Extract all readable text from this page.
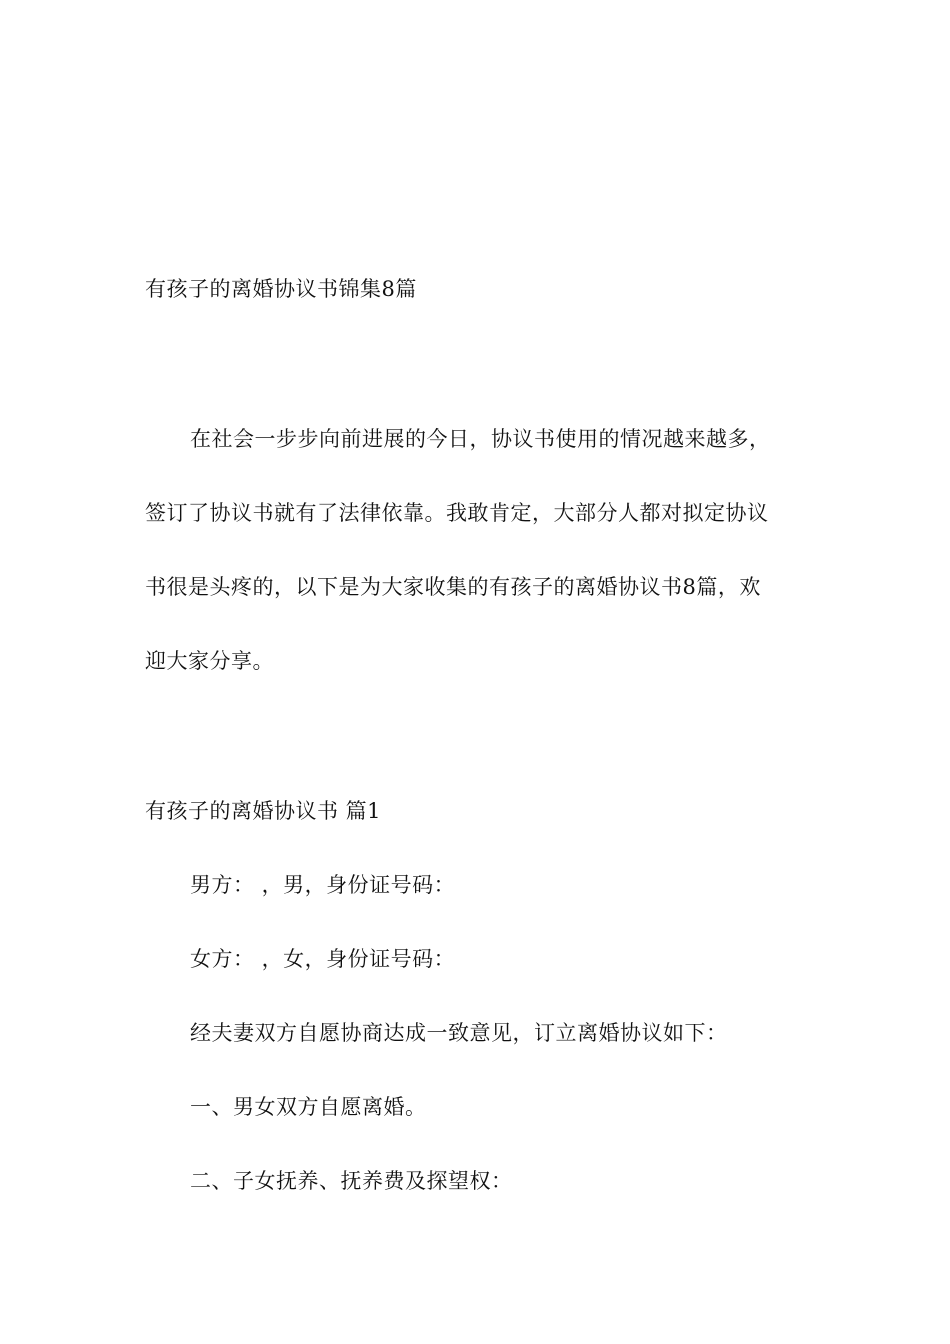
有孩子的离婚协议书锦集8篇
在社会一步步向前进展的今日，协议书使用的情况越来越多，
签订了协议书就有了法律依靠。我敢肯定，大部分人都对拟定协议
书很是头疼的，以下是为大家收集的有孩子的离婚协议书8篇，欢
迎大家分享。
有孩子的离婚协议书 篇1
男方： ，男，身份证号码：
女方： ，女，身份证号码：
经夫妻双方自愿协商达成一致意见，订立离婚协议如下：
一、男女双方自愿离婚。
二、子女抚养、抚养费及探望权：
